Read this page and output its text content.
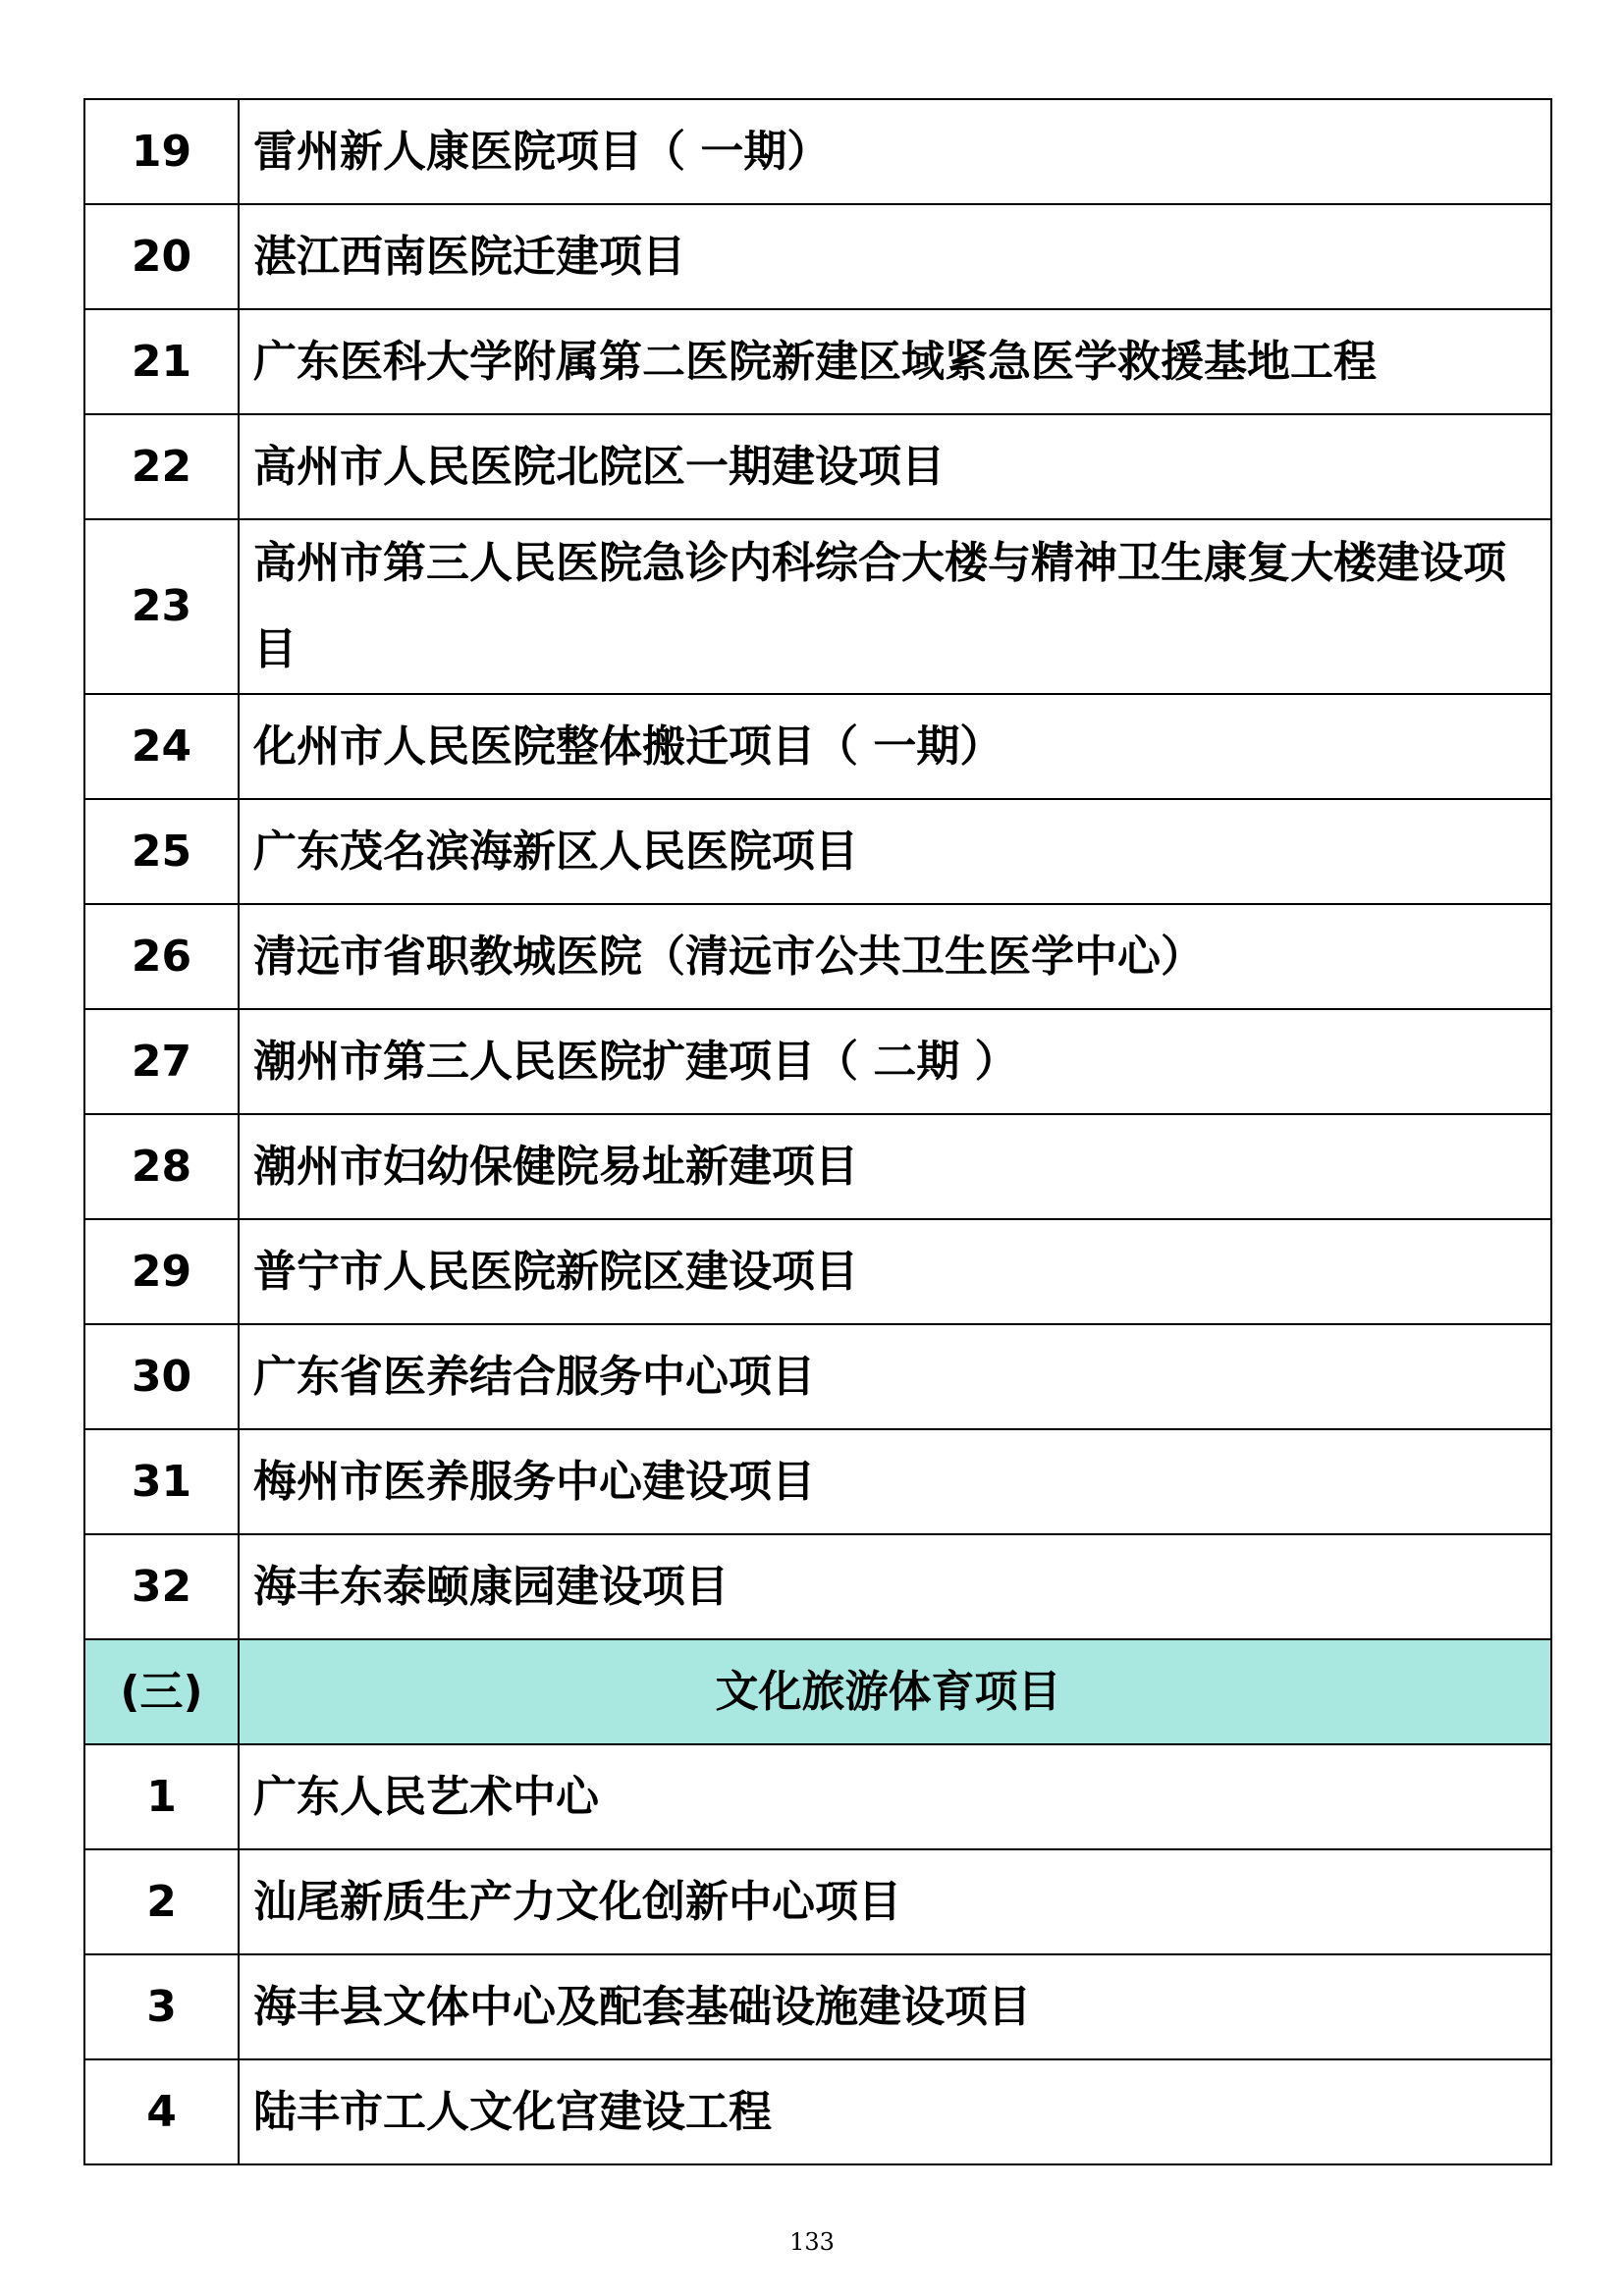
19	雷州新人康医院项目（ 一期）
20	湛江西南医院迁建项目
21	广东医科大学附属第二医院新建区域紧急医学救援基地工程
22	高州市人民医院北院区一期建设项目
23	高州市第三人民医院急诊内科综合大楼与精神卫生康复大楼建设项目
24	化州市人民医院整体搬迁项目（ 一期）
25	广东茂名滨海新区人民医院项目
26	清远市省职教城医院（清远市公共卫生医学中心）
27	潮州市第三人民医院扩建项目（ 二期 ）
28	潮州市妇幼保健院易址新建项目
29	普宁市人民医院新院区建设项目
30	广东省医养结合服务中心项目
31	梅州市医养服务中心建设项目
32	海丰东泰颐康园建设项目
(三)	文化旅游体育项目
1	广东人民艺术中心
2	汕尾新质生产力文化创新中心项目
3	海丰县文体中心及配套基础设施建设项目
4	陆丰市工人文化宫建设工程
133
